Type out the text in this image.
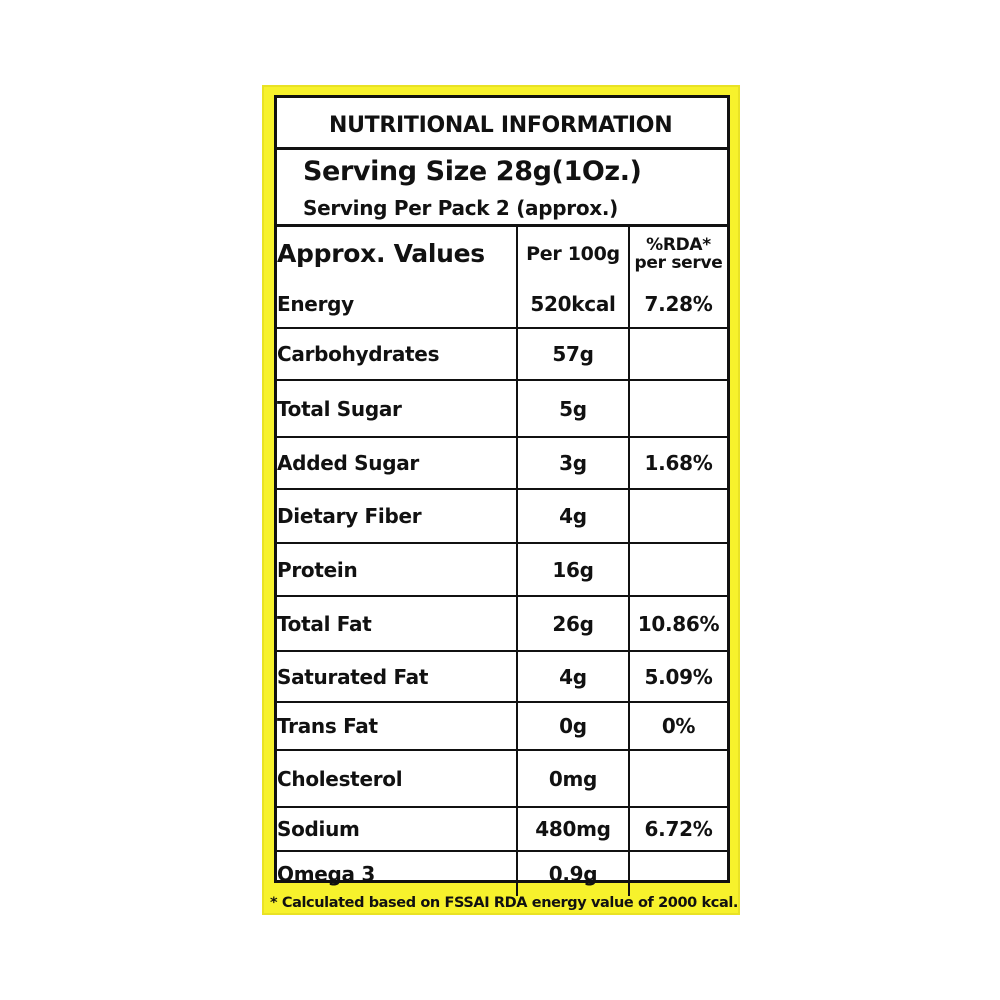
NUTRITIONAL INFORMATION
Serving Size 28g(1Oz.)
Serving Per Pack 2 (approx.)
Approx. Values	Per 100g	%RDA*
per serve
Energy	520kcal	7.28%
Carbohydrates	57g	
Total Sugar	5g	
Added Sugar	3g	1.68%
Dietary Fiber	4g	
Protein	16g	
Total Fat	26g	10.86%
Saturated Fat	4g	5.09%
Trans Fat	0g	0%
Cholesterol	0mg	
Sodium	480mg	6.72%
Omega 3	0.9g	
* Calculated based on FSSAI RDA energy value of 2000 kcal.
